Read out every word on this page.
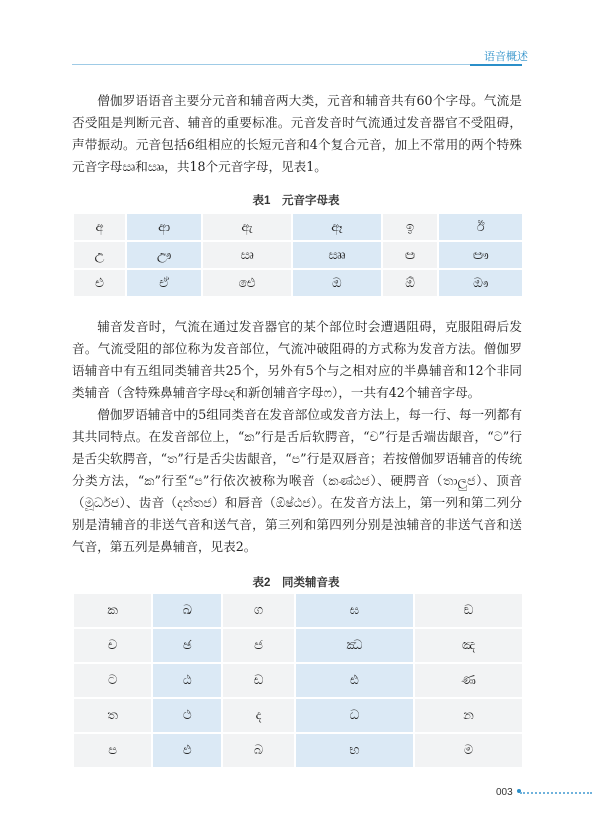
语音概述

僧伽罗语语音主要分元音和辅音两大类，元音和辅音共有60个字母。气流是否受阻是判断元音、辅音的重要标准。元音发音时气流通过发音器官不受阻碍，声带振动。元音包括6组相应的长短元音和4个复合元音，加上不常用的两个特殊元音字母ඍ和ඎ，共18个元音字母，见表1。

表1　元音字母表
අ	ආ	ඇ	ඈ	ඉ	ඊ
උ	ඌ	ඍ	ඎ	ඏ	ඐ
එ	ඒ	ඓ	ඔ	ඕ	ඖ

辅音发音时，气流在通过发音器官的某个部位时会遭遇阻碍，克服阻碍后发音。气流受阻的部位称为发音部位，气流冲破阻碍的方式称为发音方法。僧伽罗语辅音中有五组同类辅音共25个，另外有5个与之相对应的半鼻辅音和12个非同类辅音（含特殊鼻辅音字母ඥ和新创辅音字母ෆ），一共有42个辅音字母。

僧伽罗语辅音中的5组同类音在发音部位或发音方法上，每一行、每一列都有其共同特点。在发音部位上，“ක”行是舌后软腭音，“ච”行是舌端齿龈音，“ට”行是舌尖软腭音，“ත”行是舌尖齿龈音，“ප”行是双唇音；若按僧伽罗语辅音的传统分类方法，“ක”行至“ප”行依次被称为喉音（කණ්ඨජ）、硬腭音（තාලුජ）、顶音（මූර්ධජ）、齿音（දන්තජ）和唇音（ඕෂ්ඨජ）。在发音方法上，第一列和第二列分别是清辅音的非送气音和送气音，第三列和第四列分别是浊辅音的非送气音和送气音，第五列是鼻辅音，见表2。

表2　同类辅音表
ක	ඛ	ග	ඝ	ඞ
ච	ඡ	ජ	ඣ	ඤ
ට	ඨ	ඩ	ඪ	ණ
ත	ථ	ද	ධ	න
ප	ඵ	බ	භ	ම
003
